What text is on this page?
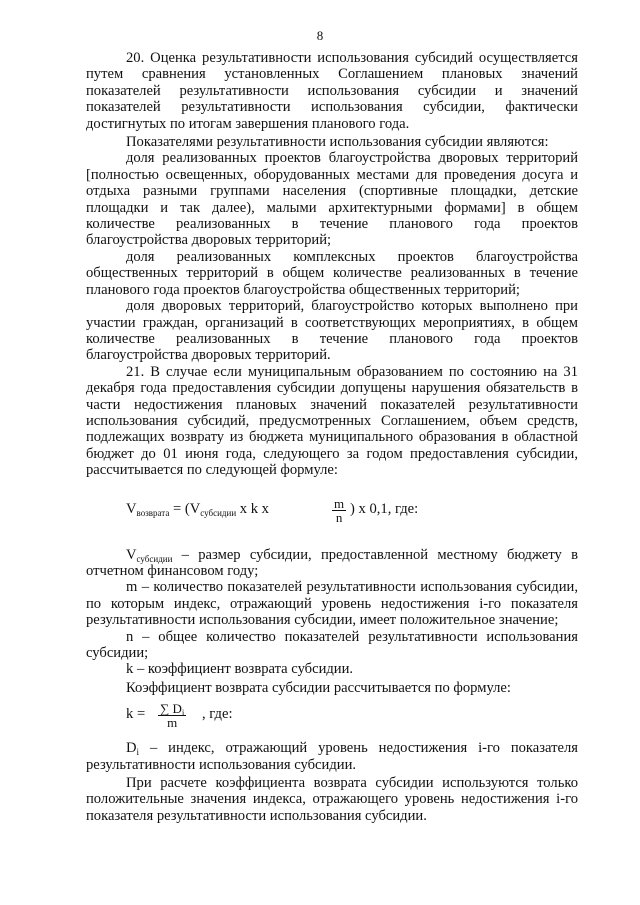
8

20. Оценка результативности использования субсидий осуществляется путем сравнения установленных Соглашением плановых значений показателей результативности использования субсидии и значений показателей результативности использования субсидии, фактически достигнутых по итогам завершения планового года.

Показателями результативности использования субсидии являются:

доля реализованных проектов благоустройства дворовых территорий [полностью освещенных, оборудованных местами для проведения досуга и отдыха разными группами населения (спортивные площадки, детские площадки и так далее), малыми архитектурными формами] в общем количестве реализованных в течение планового года проектов благоустройства дворовых территорий;

доля реализованных комплексных проектов благоустройства общественных территорий в общем количестве реализованных в течение планового года проектов благоустройства общественных территорий;

доля дворовых территорий, благоустройство которых выполнено при участии граждан, организаций в соответствующих мероприятиях, в общем количестве реализованных в течение планового года проектов благоустройства дворовых территорий.

21. В случае если муниципальным образованием по состоянию на 31 декабря года предоставления субсидии допущены нарушения обязательств в части недостижения плановых значений показателей результативности использования субсидий, предусмотренных Соглашением, объем средств, подлежащих возврату из бюджета муниципального образования в областной бюджет до 01 июня года, следующего за годом предоставления субсидии, рассчитывается по следующей формуле:

$V_{возврата} = (V_{субсидии}$ x k x	$\frac{m}{n}$ ) x 0,1, где:

$V_{субсидии}$ – размер субсидии, предоставленной местному бюджету в отчетном финансовом году;

m – количество показателей результативности использования субсидии, по которым индекс, отражающий уровень недостижения i-го показателя результативности использования субсидии, имеет положительное значение;

n – общее количество показателей результативности использования субсидии;

k – коэффициент возврата субсидии.

Коэффициент возврата субсидии рассчитывается по формуле:

$k = \frac{\sum D_i}{m}$ , где:

$D_i$ – индекс, отражающий уровень недостижения i-го показателя результативности использования субсидии.

При расчете коэффициента возврата субсидии используются только положительные значения индекса, отражающего уровень недостижения i-го показателя результативности использования субсидии.
